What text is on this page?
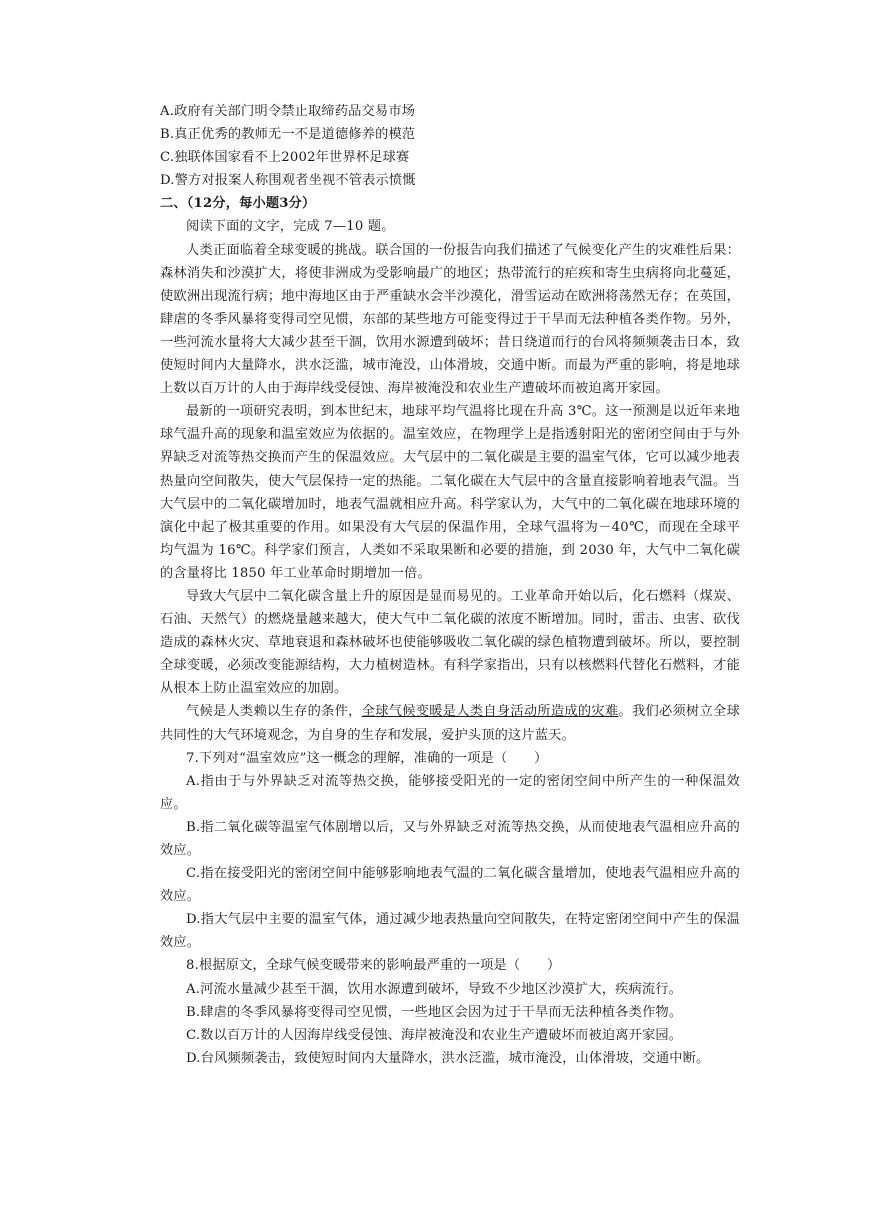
A.政府有关部门明令禁止取缔药品交易市场
B.真正优秀的教师无一不是道德修养的模范
C.独联体国家看不上2002年世界杯足球赛
D.警方对报案人称围观者坐视不管表示愤慨
二、（12分，每小题3分）
阅读下面的文字，完成 7—10 题。

人类正面临着全球变暖的挑战。联合国的一份报告向我们描述了气候变化产生的灾难性后果：森林消失和沙漠扩大，将使非洲成为受影响最广的地区；热带流行的疟疾和寄生虫病将向北蔓延，使欧洲出现流行病；地中海地区由于严重缺水会半沙漠化，滑雪运动在欧洲将荡然无存；在英国，肆虐的冬季风暴将变得司空见惯，东部的某些地方可能变得过于干旱而无法种植各类作物。另外，一些河流水量将大大减少甚至干涸，饮用水源遭到破坏；昔日绕道而行的台风将频频袭击日本，致使短时间内大量降水，洪水泛滥，城市淹没，山体滑坡，交通中断。而最为严重的影响，将是地球上数以百万计的人由于海岸线受侵蚀、海岸被淹没和农业生产遭破坏而被迫离开家园。

最新的一项研究表明，到本世纪末，地球平均气温将比现在升高 3℃。这一预测是以近年来地球气温升高的现象和温室效应为依据的。温室效应，在物理学上是指透射阳光的密闭空间由于与外界缺乏对流等热交换而产生的保温效应。大气层中的二氧化碳是主要的温室气体，它可以减少地表热量向空间散失，使大气层保持一定的热能。二氧化碳在大气层中的含量直接影响着地表气温。当大气层中的二氧化碳增加时，地表气温就相应升高。科学家认为，大气中的二氧化碳在地球环境的演化中起了极其重要的作用。如果没有大气层的保温作用，全球气温将为－40℃，而现在全球平均气温为 16℃。科学家们预言，人类如不采取果断和必要的措施，到 2030 年，大气中二氧化碳的含量将比 1850 年工业革命时期增加一倍。

导致大气层中二氧化碳含量上升的原因是显而易见的。工业革命开始以后，化石燃料（煤炭、石油、天然气）的燃烧量越来越大，使大气中二氧化碳的浓度不断增加。同时，雷击、虫害、砍伐造成的森林火灾、草地衰退和森林破坏也使能够吸收二氧化碳的绿色植物遭到破坏。所以，要控制全球变暖，必须改变能源结构，大力植树造林。有科学家指出，只有以核燃料代替化石燃料，才能从根本上防止温室效应的加剧。

气候是人类赖以生存的条件，全球气候变暖是人类自身活动所造成的灾难。我们必须树立全球共同性的大气环境观念，为自身的生存和发展，爱护头顶的这片蓝天。

7.下列对“温室效应”这一概念的理解，准确的一项是（　　）

A.指由于与外界缺乏对流等热交换，能够接受阳光的一定的密闭空间中所产生的一种保温效应。

B.指二氧化碳等温室气体剧增以后，又与外界缺乏对流等热交换，从而使地表气温相应升高的效应。

C.指在接受阳光的密闭空间中能够影响地表气温的二氧化碳含量增加，使地表气温相应升高的效应。

D.指大气层中主要的温室气体，通过减少地表热量向空间散失，在特定密闭空间中产生的保温效应。

8.根据原文，全球气候变暖带来的影响最严重的一项是（　　）

A.河流水量减少甚至干涸，饮用水源遭到破坏，导致不少地区沙漠扩大，疾病流行。

B.肆虐的冬季风暴将变得司空见惯，一些地区会因为过于干旱而无法种植各类作物。

C.数以百万计的人因海岸线受侵蚀、海岸被淹没和农业生产遭破坏而被迫离开家园。

D.台风频频袭击，致使短时间内大量降水，洪水泛滥，城市淹没，山体滑坡，交通中断。
